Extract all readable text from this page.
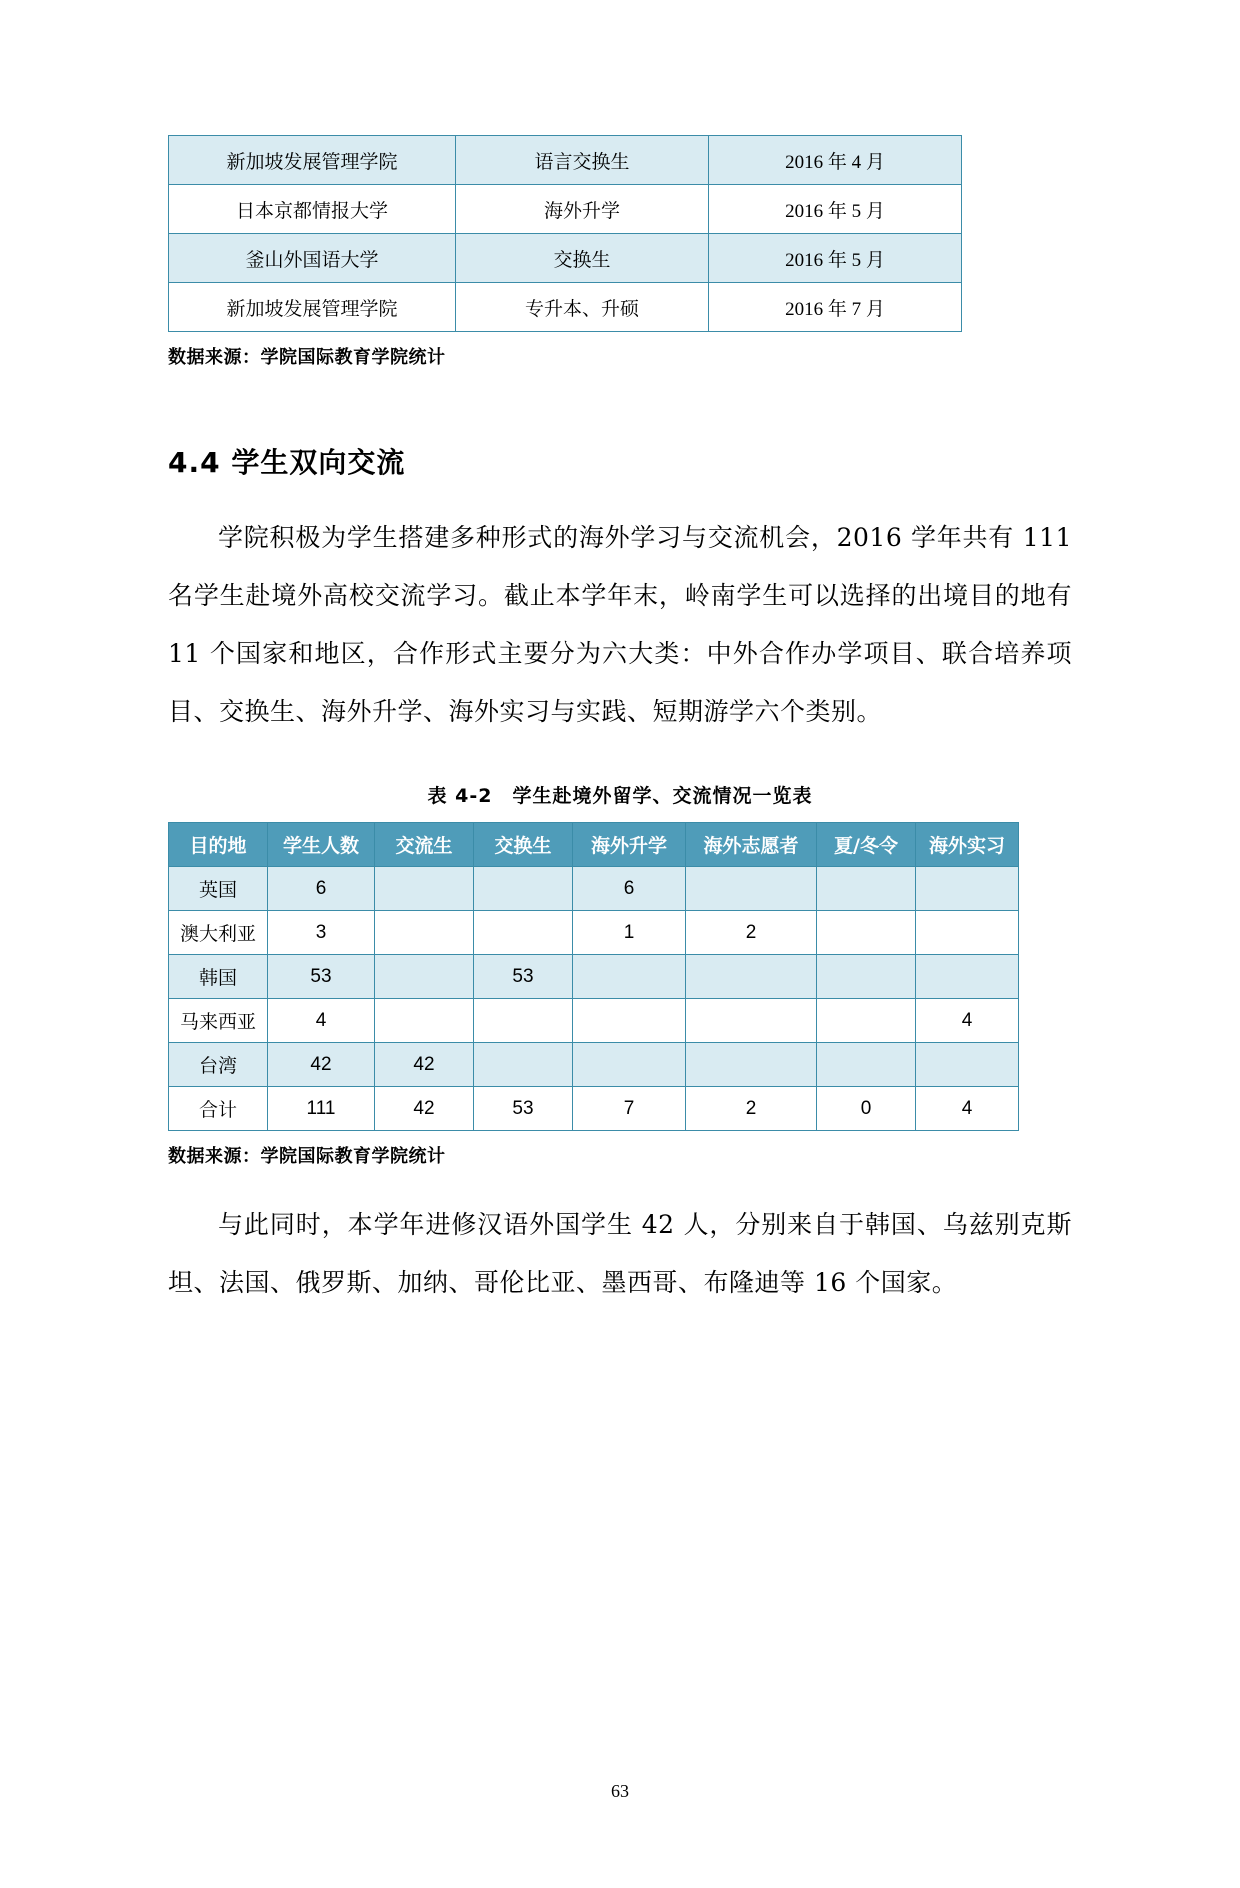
新加坡发展管理学院	语言交换生	2016 年 4 月
日本京都情报大学	海外升学	2016 年 5 月
釜山外国语大学	交换生	2016 年 5 月
新加坡发展管理学院	专升本、升硕	2016 年 7 月
数据来源：学院国际教育学院统计
4.4 学生双向交流

学院积极为学生搭建多种形式的海外学习与交流机会，2016 学年共有 111 名学生赴境外高校交流学习。截止本学年末，岭南学生可以选择的出境目的地有 11 个国家和地区，合作形式主要分为六大类：中外合作办学项目、联合培养项目、交换生、海外升学、海外实习与实践、短期游学六个类别。

表 4-2　学生赴境外留学、交流情况一览表
目的地	学生人数	交流生	交换生	海外升学	海外志愿者	夏/冬令	海外实习
英国	6			6			
澳大利亚	3			1	2		
韩国	53		53				
马来西亚	4						4
台湾	42	42					
合计	111	42	53	7	2	0	4
数据来源：学院国际教育学院统计

与此同时，本学年进修汉语外国学生 42 人，分别来自于韩国、乌兹别克斯坦、法国、俄罗斯、加纳、哥伦比亚、墨西哥、布隆迪等 16 个国家。

63
